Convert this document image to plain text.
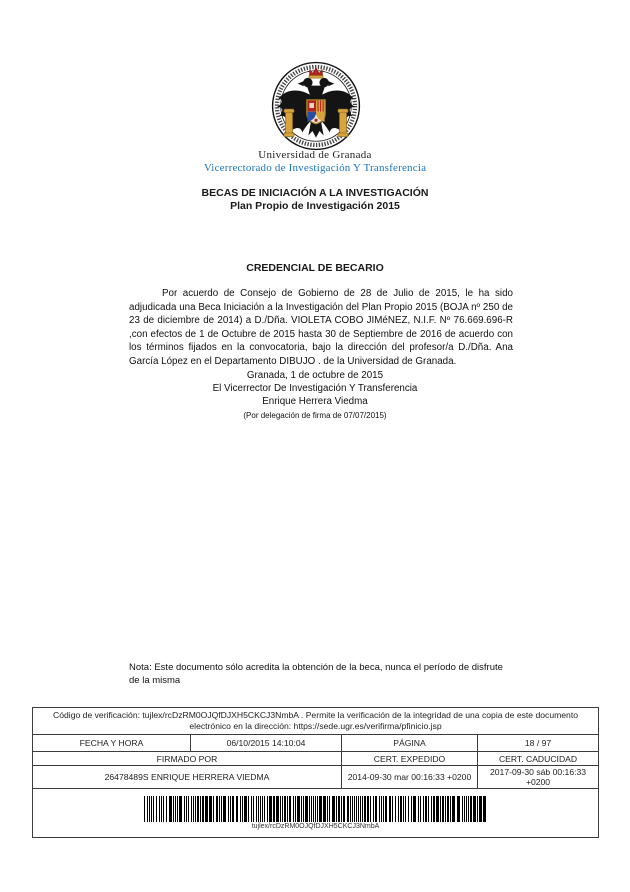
Universidad de Granada
Vicerrectorado de Investigación Y Transferencia
BECAS DE INICIACIÓN A LA INVESTIGACIÓN
Plan Propio de Investigación 2015
CREDENCIAL DE BECARIO
Por acuerdo de Consejo de Gobierno de 28 de Julio de 2015, le ha sido adjudicada una Beca Iniciación a la Investigación del Plan Propio 2015 (BOJA nº 250 de 23 de diciembre de 2014) a D./Dña. VIOLETA COBO JIMéNEZ, N.I.F. Nº 76.669.696-R ,con efectos de 1 de Octubre de 2015 hasta 30 de Septiembre de 2016 de acuerdo con los términos fijados en la convocatoria, bajo la dirección del profesor/a D./Dña. Ana García López en el Departamento DIBUJO . de la Universidad de Granada.
Granada, 1 de octubre de 2015
El Vicerrector De Investigación Y Transferencia
Enrique Herrera Viedma
(Por delegación de firma de 07/07/2015)
Nota: Este documento sólo acredita la obtención de la beca, nunca el período de disfrute de la misma
Código de verificación: tujlex/rcDzRM0OJQfDJXH5CKCJ3NmbA . Permite la verificación de la integridad de una copia de este documento electrónico en la dirección: https://sede.ugr.es/verifirma/pfinicio.jsp			
FECHA Y HORA	06/10/2015 14:10:04	PÁGINA	18 / 97
FIRMADO POR		CERT. EXPEDIDO	CERT. CADUCIDAD
26478489S ENRIQUE HERRERA VIEDMA		2014-09-30 mar 00:16:33 +0200	2017-09-30 sáb 00:16:33 +0200

tujlex/rcDzRM0OJQfDJXH5CKCJ3NmbA			
